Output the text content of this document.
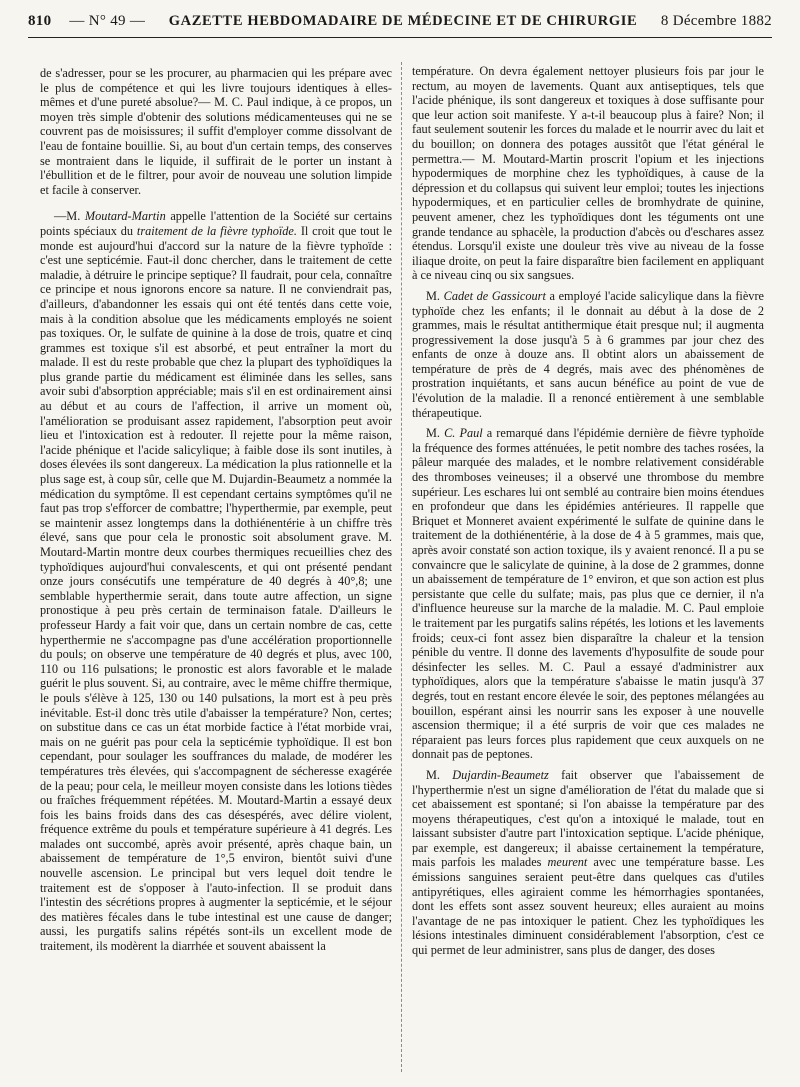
810 — N° 49 —	GAZETTE HEBDOMADAIRE DE MÉDECINE ET DE CHIRURGIE	8 Décembre 1882

de s'adresser, pour se les procurer, au pharmacien qui les prépare avec le plus de compétence et qui les livre toujours identiques à elles-mêmes et d'une pureté absolue?— M. C. Paul indique, à ce propos, un moyen très simple d'obtenir des solutions médicamenteuses qui ne se couvrent pas de moisissures; il suffit d'employer comme dissolvant de l'eau de fontaine bouillie. Si, au bout d'un certain temps, des conserves se montraient dans le liquide, il suffirait de le porter un instant à l'ébullition et de le filtrer, pour avoir de nouveau une solution limpide et facile à conserver.

—M. Moutard-Martin appelle l'attention de la Société sur certains points spéciaux du traitement de la fièvre typhoïde. Il croit que tout le monde est aujourd'hui d'accord sur la nature de la fièvre typhoïde : c'est une septicémie. Faut-il donc chercher, dans le traitement de cette maladie, à détruire le principe septique? Il faudrait, pour cela, connaître ce principe et nous ignorons encore sa nature. Il ne conviendrait pas, d'ailleurs, d'abandonner les essais qui ont été tentés dans cette voie, mais à la condition absolue que les médicaments employés ne soient pas toxiques. Or, le sulfate de quinine à la dose de trois, quatre et cinq grammes est toxique s'il est absorbé, et peut entraîner la mort du malade. Il est du reste probable que chez la plupart des typhoïdiques la plus grande partie du médicament est éliminée dans les selles, sans avoir subi d'absorption appréciable; mais s'il en est ordinairement ainsi au début et au cours de l'affection, il arrive un moment où, l'amélioration se produisant assez rapidement, l'absorption peut avoir lieu et l'intoxication est à redouter. Il rejette pour la même raison, l'acide phénique et l'acide salicylique; à faible dose ils sont inutiles, à doses élevées ils sont dangereux. La médication la plus rationnelle et la plus sage est, à coup sûr, celle que M. Dujardin-Beaumetz a nommée la médication du symptôme. Il est cependant certains symptômes qu'il ne faut pas trop s'efforcer de combattre; l'hyperthermie, par exemple, peut se maintenir assez longtemps dans la dothiénentérie à un chiffre très élevé, sans que pour cela le pronostic soit absolument grave. M. Moutard-Martin montre deux courbes thermiques recueillies chez des typhoïdiques aujourd'hui convalescents, et qui ont présenté pendant onze jours consécutifs une température de 40 degrés à 40°,8; une semblable hyperthermie serait, dans toute autre affection, un signe pronostique à peu près certain de terminaison fatale. D'ailleurs le professeur Hardy a fait voir que, dans un certain nombre de cas, cette hyperthermie ne s'accompagne pas d'une accélération proportionnelle du pouls; on observe une température de 40 degrés et plus, avec 100, 110 ou 116 pulsations; le pronostic est alors favorable et le malade guérit le plus souvent. Si, au contraire, avec le même chiffre thermique, le pouls s'élève à 125, 130 ou 140 pulsations, la mort est à peu près inévitable. Est-il donc très utile d'abaisser la température? Non, certes; on substitue dans ce cas un état morbide factice à l'état morbide vrai, mais on ne guérit pas pour cela la septicémie typhoïdique. Il est bon cependant, pour soulager les souffrances du malade, de modérer les températures très élevées, qui s'accompagnent de sécheresse exagérée de la peau; pour cela, le meilleur moyen consiste dans les lotions tièdes ou fraîches fréquemment répétées. M. Moutard-Martin a essayé deux fois les bains froids dans des cas désespérés, avec délire violent, fréquence extrême du pouls et température supérieure à 41 degrés. Les malades ont succombé, après avoir présenté, après chaque bain, un abaissement de température de 1°,5 environ, bientôt suivi d'une nouvelle ascension. Le principal but vers lequel doit tendre le traitement est de s'opposer à l'auto-infection. Il se produit dans l'intestin des sécrétions propres à augmenter la septicémie, et le séjour des matières fécales dans le tube intestinal est une cause de danger; aussi, les purgatifs salins répétés sont-ils un excellent mode de traitement, ils modèrent la diarrhée et souvent abaissent la

température. On devra également nettoyer plusieurs fois par jour le rectum, au moyen de lavements. Quant aux antiseptiques, tels que l'acide phénique, ils sont dangereux et toxiques à dose suffisante pour que leur action soit manifeste. Y a-t-il beaucoup plus à faire? Non; il faut seulement soutenir les forces du malade et le nourrir avec du lait et du bouillon; on donnera des potages aussitôt que l'état général le permettra.— M. Moutard-Martin proscrit l'opium et les injections hypodermiques de morphine chez les typhoïdiques, à cause de la dépression et du collapsus qui suivent leur emploi; toutes les injections hypodermiques, et en particulier celles de bromhydrate de quinine, peuvent amener, chez les typhoïdiques dont les téguments ont une grande tendance au sphacèle, la production d'abcès ou d'eschares assez étendus. Lorsqu'il existe une douleur très vive au niveau de la fosse iliaque droite, on peut la faire disparaître bien facilement en appliquant à ce niveau cinq ou six sangsues.

M. Cadet de Gassicourt a employé l'acide salicylique dans la fièvre typhoïde chez les enfants; il le donnait au début à la dose de 2 grammes, mais le résultat antithermique était presque nul; il augmenta progressivement la dose jusqu'à 5 à 6 grammes par jour chez des enfants de onze à douze ans. Il obtint alors un abaissement de température de près de 4 degrés, mais avec des phénomènes de prostration inquiétants, et sans aucun bénéfice au point de vue de l'évolution de la maladie. Il a renoncé entièrement à une semblable thérapeutique.

M. C. Paul a remarqué dans l'épidémie dernière de fièvre typhoïde la fréquence des formes atténuées, le petit nombre des taches rosées, la pâleur marquée des malades, et le nombre relativement considérable des thromboses veineuses; il a observé une thrombose du membre supérieur. Les eschares lui ont semblé au contraire bien moins étendues en profondeur que dans les épidémies antérieures. Il rappelle que Briquet et Monneret avaient expérimenté le sulfate de quinine dans le traitement de la dothiénentérie, à la dose de 4 à 5 grammes, mais que, après avoir constaté son action toxique, ils y avaient renoncé. Il a pu se convaincre que le salicylate de quinine, à la dose de 2 grammes, donne un abaissement de température de 1° environ, et que son action est plus persistante que celle du sulfate; mais, pas plus que ce dernier, il n'a d'influence heureuse sur la marche de la maladie. M. C. Paul emploie le traitement par les purgatifs salins répétés, les lotions et les lavements froids; ceux-ci font assez bien disparaître la chaleur et la tension pénible du ventre. Il donne des lavements d'hyposulfite de soude pour désinfecter les selles. M. C. Paul a essayé d'administrer aux typhoïdiques, alors que la température s'abaisse le matin jusqu'à 37 degrés, tout en restant encore élevée le soir, des peptones mélangées au bouillon, espérant ainsi les nourrir sans les exposer à une nouvelle ascension thermique; il a été surpris de voir que ces malades ne réparaient pas leurs forces plus rapidement que ceux auxquels on ne donnait pas de peptones.

M. Dujardin-Beaumetz fait observer que l'abaissement de l'hyperthermie n'est un signe d'amélioration de l'état du malade que si cet abaissement est spontané; si l'on abaisse la température par des moyens thérapeutiques, c'est qu'on a intoxiqué le malade, tout en laissant subsister d'autre part l'intoxication septique. L'acide phénique, par exemple, est dangereux; il abaisse certainement la température, mais parfois les malades meurent avec une température basse. Les émissions sanguines seraient peut-être dans quelques cas d'utiles antipyrétiques, elles agiraient comme les hémorrhagies spontanées, dont les effets sont assez souvent heureux; elles auraient au moins l'avantage de ne pas intoxiquer le patient. Chez les typhoïdiques les lésions intestinales diminuent considérablement l'absorption, c'est ce qui permet de leur administrer, sans plus de danger, des doses
